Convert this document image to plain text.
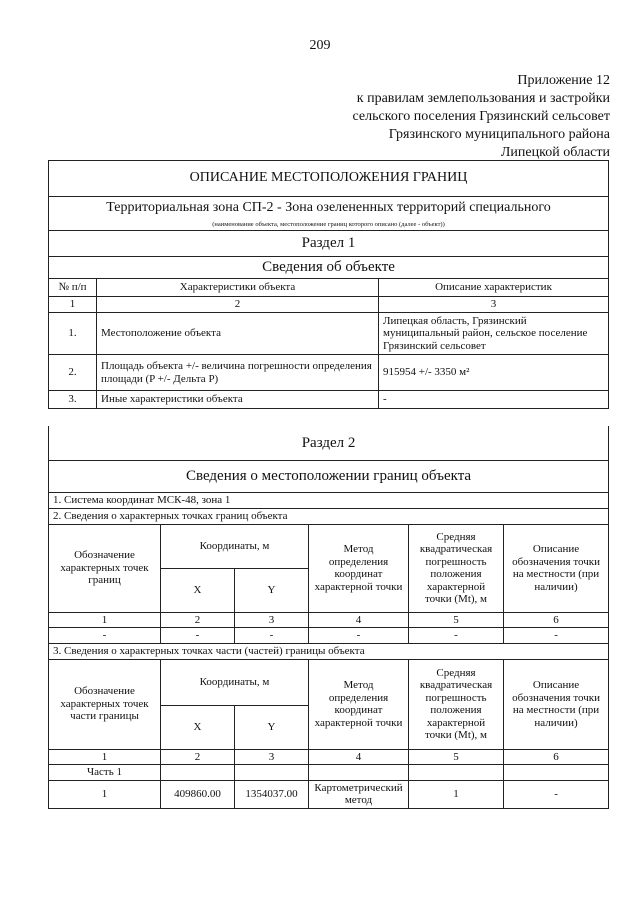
209
Приложение 12
к правилам землепользования и застройки
сельского поселения Грязинский сельсовет
Грязинского муниципального района
Липецкой области
ОПИСАНИЕ МЕСТОПОЛОЖЕНИЯ ГРАНИЦ		
Территориальная зона СП-2 - Зона озелененных территорий специального		
(наименование объекта, местоположение границ которого описано (далее - объект))		
Раздел 1		
Сведения об объекте		
№ п/п	Характеристики объекта	Описание характеристик
1	2	3
1.	Местоположение объекта	Липецкая область, Грязинский муниципальный район, сельское поселение Грязинский сельсовет
2.	Площадь объекта +/- величина погрешности определения площади (P +/- Дельта P)	915954 +/- 3350 м²
3.	Иные характеристики объекта	-
Раздел 2					
Сведения о местоположении границ объекта					
1. Система координат МСК-48, зона 1					
2. Сведения о характерных точках границ объекта					
Обозначение характерных точек границ	Координаты, м		Метод определения координат характерной точки	Средняя квадратическая погрешность положения характерной точки (Mt), м	Описание обозначения точки на местности (при наличии)
	X	Y			
1	2	3	4	5	6
-	-	-	-	-	-
3. Сведения о характерных точках части (частей) границы объекта					
Обозначение характерных точек части границы	Координаты, м		Метод определения координат характерной точки	Средняя квадратическая погрешность положения характерной точки (Mt), м	Описание обозначения точки на местности (при наличии)
	X	Y			
1	2	3	4	5	6
Часть 1					
1	409860.00	1354037.00	Картометрический метод	1	-
